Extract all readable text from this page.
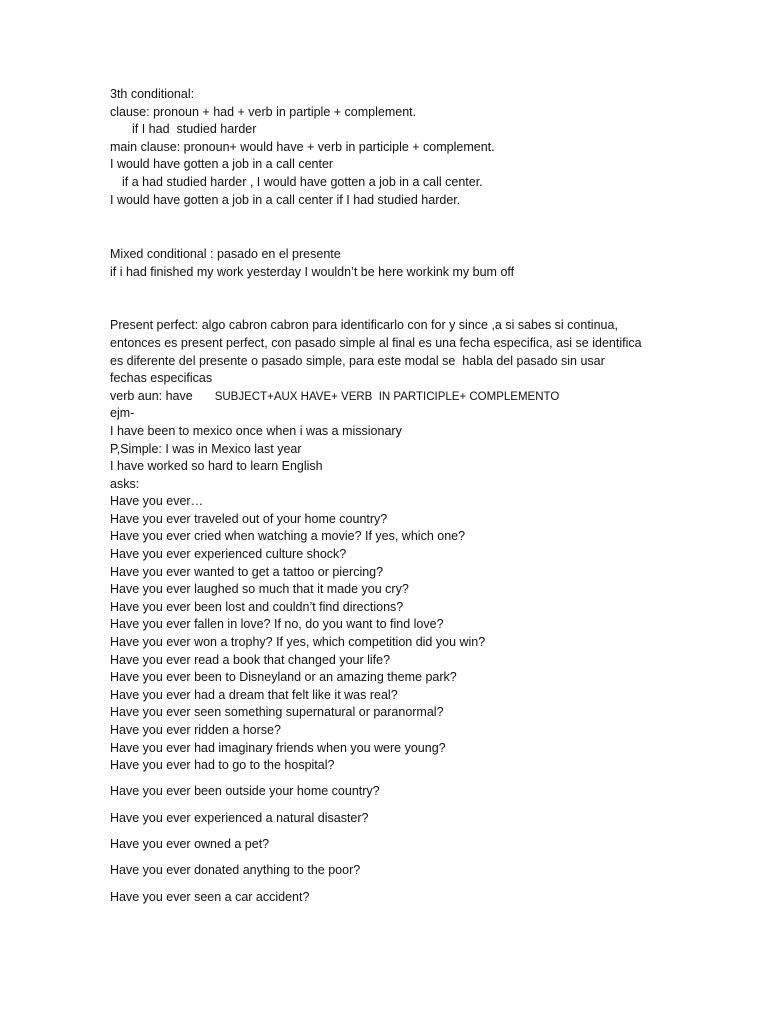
3th conditional:
clause: pronoun + had + verb in partiple + complement.
if I had  studied harder
main clause: pronoun+ would have + verb in participle + complement.
I would have gotten a job in a call center
if a had studied harder , I would have gotten a job in a call center.
I would have gotten a job in a call center if I had studied harder.
Mixed conditional : pasado en el presente
if i had finished my work yesterday I wouldn’t be here workink my bum off
Present perfect: algo cabron cabron para identificarlo con for y since ,a si sabes si continua,
entonces es present perfect, con pasado simple al final es una fecha especifica, asi se identifica
es diferente del presente o pasado simple, para este modal se  habla del pasado sin usar
fechas especificas
verb aun: have SUBJECT+AUX HAVE+ VERB  IN PARTICIPLE+ COMPLEMENTO
ejm-
I have been to mexico once when i was a missionary
P,Simple: I was in Mexico last year
I have worked so hard to learn English
asks:
Have you ever…
Have you ever traveled out of your home country?
Have you ever cried when watching a movie? If yes, which one?
Have you ever experienced culture shock?
Have you ever wanted to get a tattoo or piercing?
Have you ever laughed so much that it made you cry?
Have you ever been lost and couldn’t find directions?
Have you ever fallen in love? If no, do you want to find love?
Have you ever won a trophy? If yes, which competition did you win?
Have you ever read a book that changed your life?
Have you ever been to Disneyland or an amazing theme park?
Have you ever had a dream that felt like it was real?
Have you ever seen something supernatural or paranormal?
Have you ever ridden a horse?
Have you ever had imaginary friends when you were young?
Have you ever had to go to the hospital?
Have you ever been outside your home country?
Have you ever experienced a natural disaster?
Have you ever owned a pet?
Have you ever donated anything to the poor?
Have you ever seen a car accident?
